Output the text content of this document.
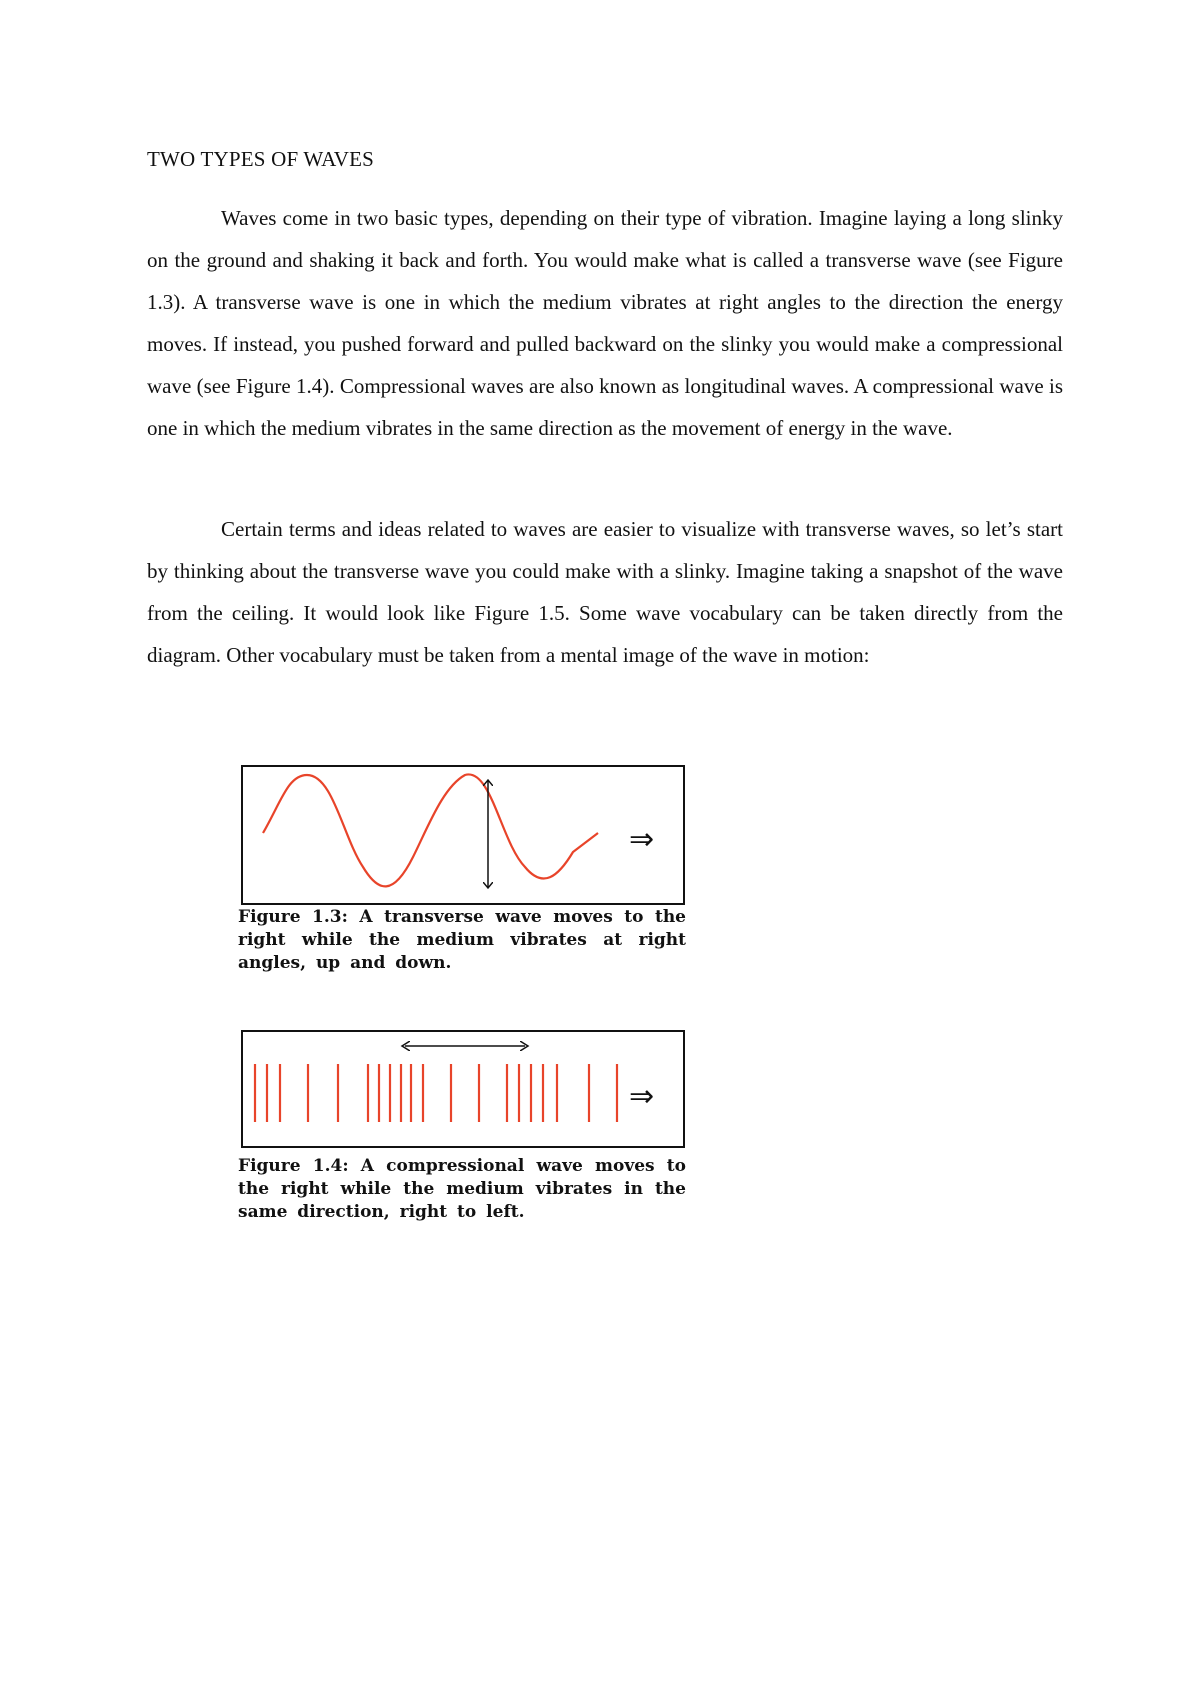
TWO TYPES OF WAVES

Waves come in two basic types, depending on their type of vibration. Imagine laying a long slinky on the ground and shaking it back and forth. You would make what is called a transverse wave (see Figure 1.3). A transverse wave is one in which the medium vibrates at right angles to the direction the energy moves. If instead, you pushed forward and pulled backward on the slinky you would make a compressional wave (see Figure 1.4). Compressional waves are also known as longitudinal waves. A compressional wave is one in which the medium vibrates in the same direction as the movement of energy in the wave.

Certain terms and ideas related to waves are easier to visualize with transverse waves, so let’s start by thinking about the transverse wave you could make with a slinky. Imagine taking a snapshot of the wave from the ceiling. It would look like Figure 1.5. Some wave vocabulary can be taken directly from the diagram. Other vocabulary must be taken from a mental image of the wave in motion:

⇒

Figure 1.3: A transverse wave moves to the right while the medium vibrates at right angles, up and down.

⇒

Figure 1.4: A compressional wave moves to the right while the medium vibrates in the same direction, right to left.
